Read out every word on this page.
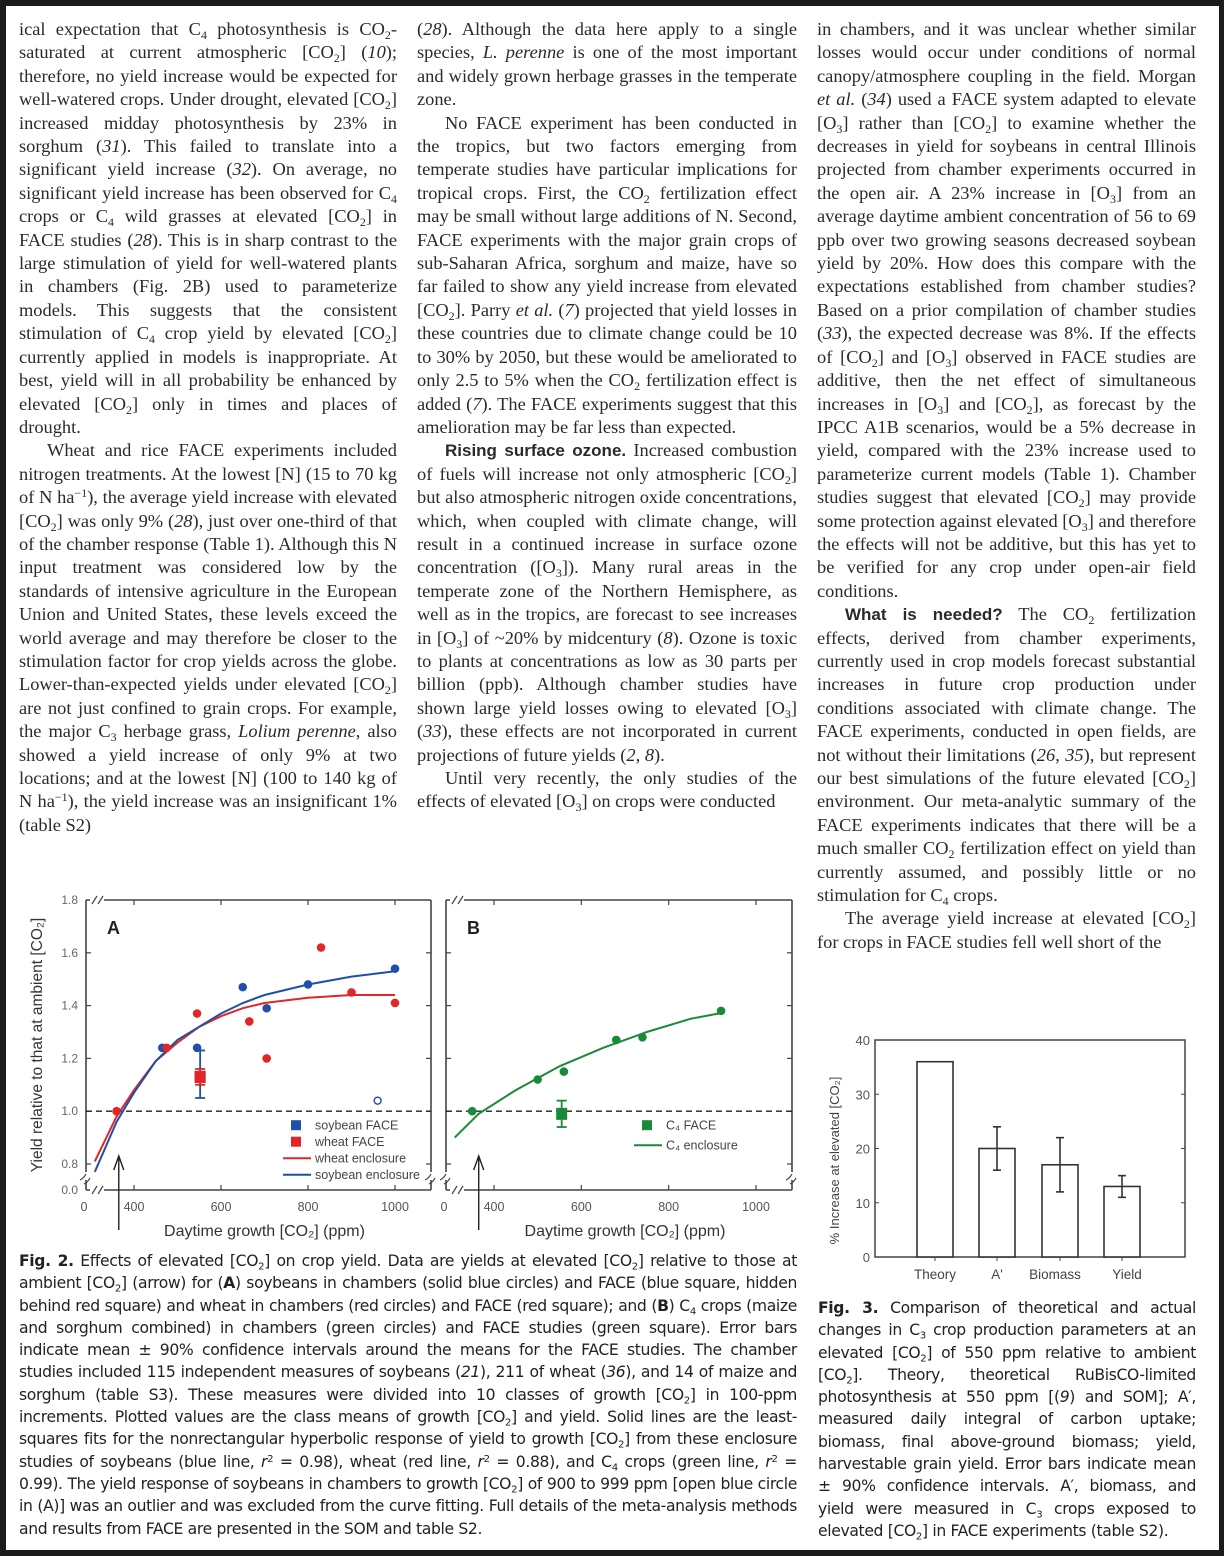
ical expectation that $C_4$ photosynthesis is $CO_2$-saturated at current atmospheric $[CO_2]$ (10); therefore, no yield increase would be expected for well-watered crops. Under drought, elevated $[CO_2]$ increased midday photosynthesis by 23% in sorghum (31). This failed to translate into a significant yield increase (32). On average, no significant yield increase has been observed for $C_4$ crops or $C_4$ wild grasses at elevated $[CO_2]$ in FACE studies (28). This is in sharp contrast to the large stimulation of yield for well-watered plants in chambers (Fig. 2B) used to parameterize models. This suggests that the consistent stimulation of $C_4$ crop yield by elevated $[CO_2]$ currently applied in models is inappropriate. At best, yield will in all probability be enhanced by elevated $[CO_2]$ only in times and places of drought.

Wheat and rice FACE experiments included nitrogen treatments. At the lowest [N] (15 to 70 kg of N $ha^{-1}$), the average yield increase with elevated $[CO_2]$ was only 9% (28), just over one-third of that of the chamber response (Table 1). Although this N input treatment was considered low by the standards of intensive agriculture in the European Union and United States, these levels exceed the world average and may therefore be closer to the stimulation factor for crop yields across the globe. Lower-than-expected yields under elevated $[CO_2]$ are not just confined to grain crops. For example, the major $C_3$ herbage grass, Lolium perenne, also showed a yield increase of only 9% at two locations; and at the lowest [N] (100 to 140 kg of N $ha^{-1}$), the yield increase was an insignificant 1% (table S2)

(28). Although the data here apply to a single species, L. perenne is one of the most important and widely grown herbage grasses in the temperate zone.

No FACE experiment has been conducted in the tropics, but two factors emerging from temperate studies have particular implications for tropical crops. First, the $CO_2$ fertilization effect may be small without large additions of N. Second, FACE experiments with the major grain crops of sub-Saharan Africa, sorghum and maize, have so far failed to show any yield increase from elevated $[CO_2]$. Parry et al. (7) projected that yield losses in these countries due to climate change could be 10 to 30% by 2050, but these would be ameliorated to only 2.5 to 5% when the $CO_2$ fertilization effect is added (7). The FACE experiments suggest that this amelioration may be far less than expected.

Rising surface ozone. Increased combustion of fuels will increase not only atmospheric $[CO_2]$ but also atmospheric nitrogen oxide concentrations, which, when coupled with climate change, will result in a continued increase in surface ozone concentration $([O_3])$. Many rural areas in the temperate zone of the Northern Hemisphere, as well as in the tropics, are forecast to see increases in $[O_3]$ of ~20% by midcentury (8). Ozone is toxic to plants at concentrations as low as 30 parts per billion (ppb). Although chamber studies have shown large yield losses owing to elevated $[O_3]$ (33), these effects are not incorporated in current projections of future yields (2, 8).

Until very recently, the only studies of the effects of elevated $[O_3]$ on crops were conducted

in chambers, and it was unclear whether similar losses would occur under conditions of normal canopy/atmosphere coupling in the field. Morgan et al. (34) used a FACE system adapted to elevate $[O_3]$ rather than $[CO_2]$ to examine whether the decreases in yield for soybeans in central Illinois projected from chamber experiments occurred in the open air. A 23% increase in $[O_3]$ from an average daytime ambient concentration of 56 to 69 ppb over two growing seasons decreased soybean yield by 20%. How does this compare with the expectations established from chamber studies? Based on a prior compilation of chamber studies (33), the expected decrease was 8%. If the effects of $[CO_2]$ and $[O_3]$ observed in FACE studies are additive, then the net effect of simultaneous increases in $[O_3]$ and $[CO_2]$, as forecast by the IPCC A1B scenarios, would be a 5% decrease in yield, compared with the 23% increase used to parameterize current models (Table 1). Chamber studies suggest that elevated $[CO_2]$ may provide some protection against elevated $[O_3]$ and therefore the effects will not be additive, but this has yet to be verified for any crop under open-air field conditions.

What is needed? The $CO_2$ fertilization effects, derived from chamber experiments, currently used in crop models forecast substantial increases in future crop production under conditions associated with climate change. The FACE experiments, conducted in open fields, are not without their limitations (26, 35), but represent our best simulations of the future elevated $[CO_2]$ environment. Our meta-analytic summary of the FACE experiments indicates that there will be a much smaller $CO_2$ fertilization effect on yield than currently assumed, and possibly little or no stimulation for $C_4$ crops.

The average yield increase at elevated $[CO_2]$ for crops in FACE studies fell well short of the

0.0
0.8
1.0
1.2
1.4
1.6
1.8
Yield relative to that at ambient [CO₂]
0	400	600	800	1000
Daytime growth [CO₂] (ppm)
A
soybean FACE
wheat FACE
wheat enclosure
soybean enclosure
0	400	600	800	1000
Daytime growth [CO₂] (ppm)
B
C₄ FACE
C₄ enclosure
0
10
20
30
40
% Increase at elevated [CO₂]
Theory	A' Biomass Yield
Fig. 2. Effects of elevated $[CO_2]$ on crop yield. Data are yields at elevated $[CO_2]$ relative to those at ambient $[CO_2]$ (arrow) for (A) soybeans in chambers (solid blue circles) and FACE (blue square, hidden behind red square) and wheat in chambers (red circles) and FACE (red square); and (B) $C_4$ crops (maize and sorghum combined) in chambers (green circles) and FACE studies (green square). Error bars indicate mean ± 90% confidence intervals around the means for the FACE studies. The chamber studies included 115 independent measures of soybeans (21), 211 of wheat (36), and 14 of maize and sorghum (table S3). These measures were divided into 10 classes of growth $[CO_2]$ in 100-ppm increments. Plotted values are the class means of growth $[CO_2]$ and yield. Solid lines are the least-squares fits for the nonrectangular hyperbolic response of yield to growth $[CO_2]$ from these enclosure studies of soybeans (blue line, $r^2 = 0.98$), wheat (red line, $r^2 = 0.88$), and $C_4$ crops (green line, $r^2 = 0.99$). The yield response of soybeans in chambers to growth $[CO_2]$ of 900 to 999 ppm [open blue circle in (A)] was an outlier and was excluded from the curve fitting. Full details of the meta-analysis methods and results from FACE are presented in the SOM and table S2.
Fig. 3. Comparison of theoretical and actual changes in $C_3$ crop production parameters at an elevated $[CO_2]$ of 550 ppm relative to ambient $[CO_2]$. Theory, theoretical RuBisCO-limited photosynthesis at 550 ppm [(9) and SOM]; A′, measured daily integral of carbon uptake; biomass, final above-ground biomass; yield, harvestable grain yield. Error bars indicate mean ± 90% confidence intervals. A′, biomass, and yield were measured in $C_3$ crops exposed to elevated $[CO_2]$ in FACE experiments (table S2).
